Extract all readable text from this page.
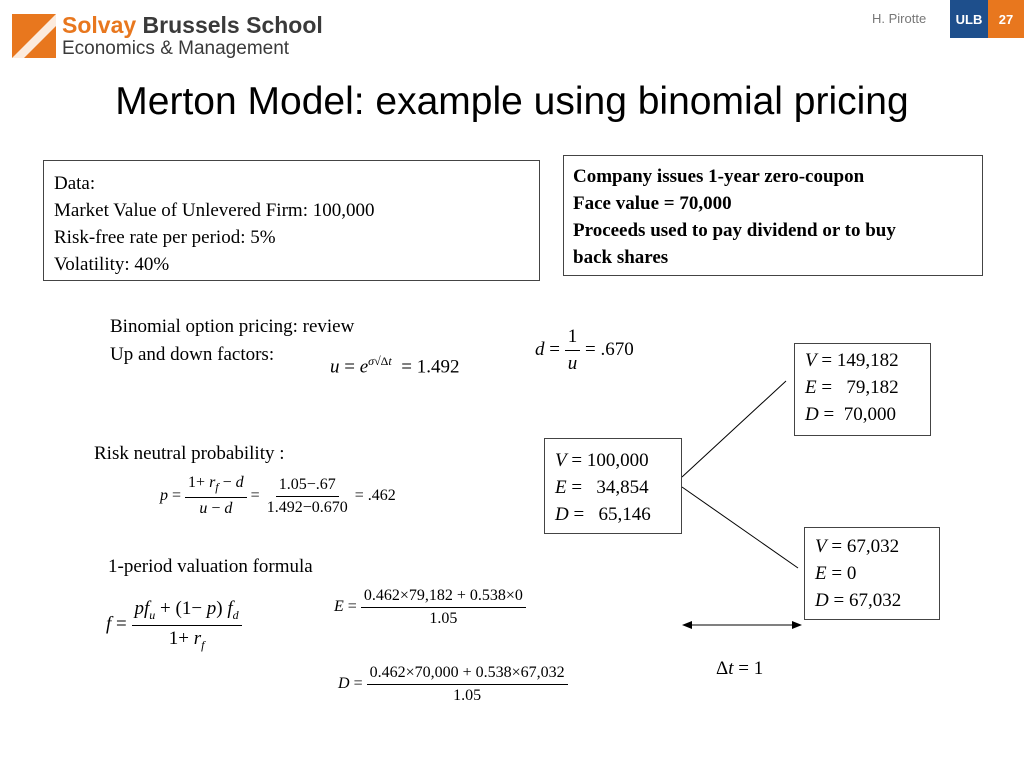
Solvay Brussels School
Economics & Management
H. Pirotte	ULB	27
Merton Model: example using binomial pricing
Data:
Market Value of Unlevered Firm: 100,000
Risk-free rate per period: 5%
Volatility: 40%
Company issues 1-year zero-coupon
Face value = 70,000
Proceeds used to pay dividend or to buy
back shares
Binomial option pricing: review
Up and down factors:
$u = e^{\sigma√\Delta t} = 1.492$
$d = \frac{1}{u} = .670$
Risk neutral probability :
$p = \frac{1+ r_f - d}{u - d} = \frac{1.05-.67}{1.492-0.670} = .462$
1-period valuation formula
$f = \frac{pf_u + (1- p) f_d}{1+ r_f}$	$E = \frac{0.462\times 79,182 + 0.538\times 0}{1.05}$
$D = \frac{0.462\times 70,000 + 0.538\times 67,032}{1.05}$
V = 100,000
E =   34,854
D =   65,146
V = 149,182
E =   79,182
D =  70,000
V = 67,032
E = 0
D = 67,032
Δt = 1
